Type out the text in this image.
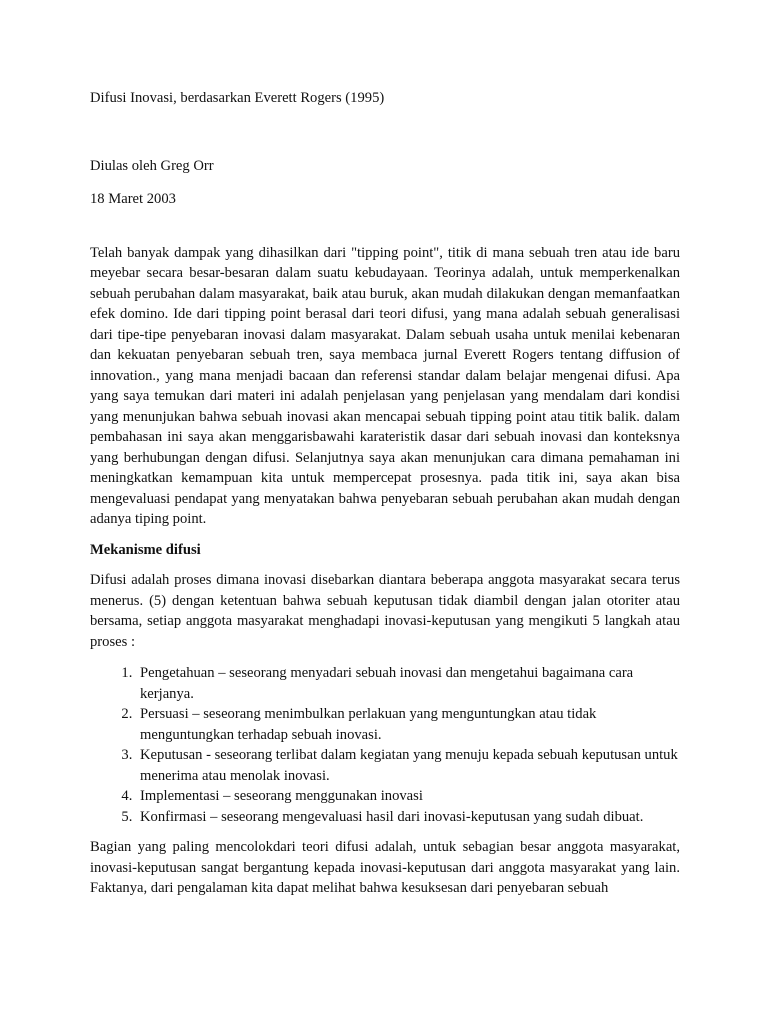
Difusi Inovasi, berdasarkan Everett Rogers (1995)

Diulas oleh Greg Orr

18 Maret 2003

Telah banyak dampak yang dihasilkan dari "tipping point", titik di mana sebuah tren atau ide baru meyebar secara besar-besaran dalam suatu kebudayaan. Teorinya adalah, untuk memperkenalkan sebuah perubahan dalam masyarakat, baik atau buruk, akan mudah dilakukan dengan memanfaatkan efek domino. Ide dari tipping point berasal dari teori difusi, yang mana adalah sebuah generalisasi dari tipe-tipe penyebaran inovasi dalam masyarakat. Dalam sebuah usaha untuk menilai kebenaran dan kekuatan penyebaran sebuah tren, saya membaca jurnal Everett Rogers tentang diffusion of innovation., yang mana menjadi bacaan dan referensi standar dalam belajar mengenai difusi. Apa yang saya temukan dari materi ini adalah penjelasan yang penjelasan yang mendalam dari kondisi yang menunjukan bahwa sebuah inovasi akan mencapai sebuah tipping point atau titik balik. dalam pembahasan ini saya akan menggarisbawahi karateristik dasar dari sebuah inovasi dan konteksnya yang berhubungan dengan difusi. Selanjutnya saya akan menunjukan cara dimana pemahaman ini meningkatkan kemampuan kita untuk mempercepat prosesnya. pada titik ini, saya akan bisa mengevaluasi pendapat yang menyatakan bahwa penyebaran sebuah perubahan akan mudah dengan adanya tiping point.

Mekanisme difusi

Difusi adalah proses dimana inovasi disebarkan diantara beberapa anggota masyarakat secara terus menerus. (5) dengan ketentuan bahwa sebuah keputusan tidak diambil dengan jalan otoriter atau bersama, setiap anggota masyarakat menghadapi inovasi-keputusan yang mengikuti 5 langkah atau proses :

1. Pengetahuan – seseorang menyadari sebuah inovasi dan mengetahui bagaimana cara kerjanya.
2. Persuasi – seseorang menimbulkan perlakuan yang menguntungkan atau tidak menguntungkan terhadap sebuah inovasi.
3. Keputusan - seseorang terlibat dalam kegiatan yang menuju kepada sebuah keputusan untuk menerima atau menolak inovasi.
4. Implementasi – seseorang menggunakan inovasi
5. Konfirmasi – seseorang mengevaluasi hasil dari inovasi-keputusan yang sudah dibuat.

Bagian yang paling mencolokdari teori difusi adalah, untuk sebagian besar anggota masyarakat, inovasi-keputusan sangat bergantung kepada inovasi-keputusan dari anggota masyarakat yang lain. Faktanya, dari pengalaman kita dapat melihat bahwa kesuksesan dari penyebaran sebuah
